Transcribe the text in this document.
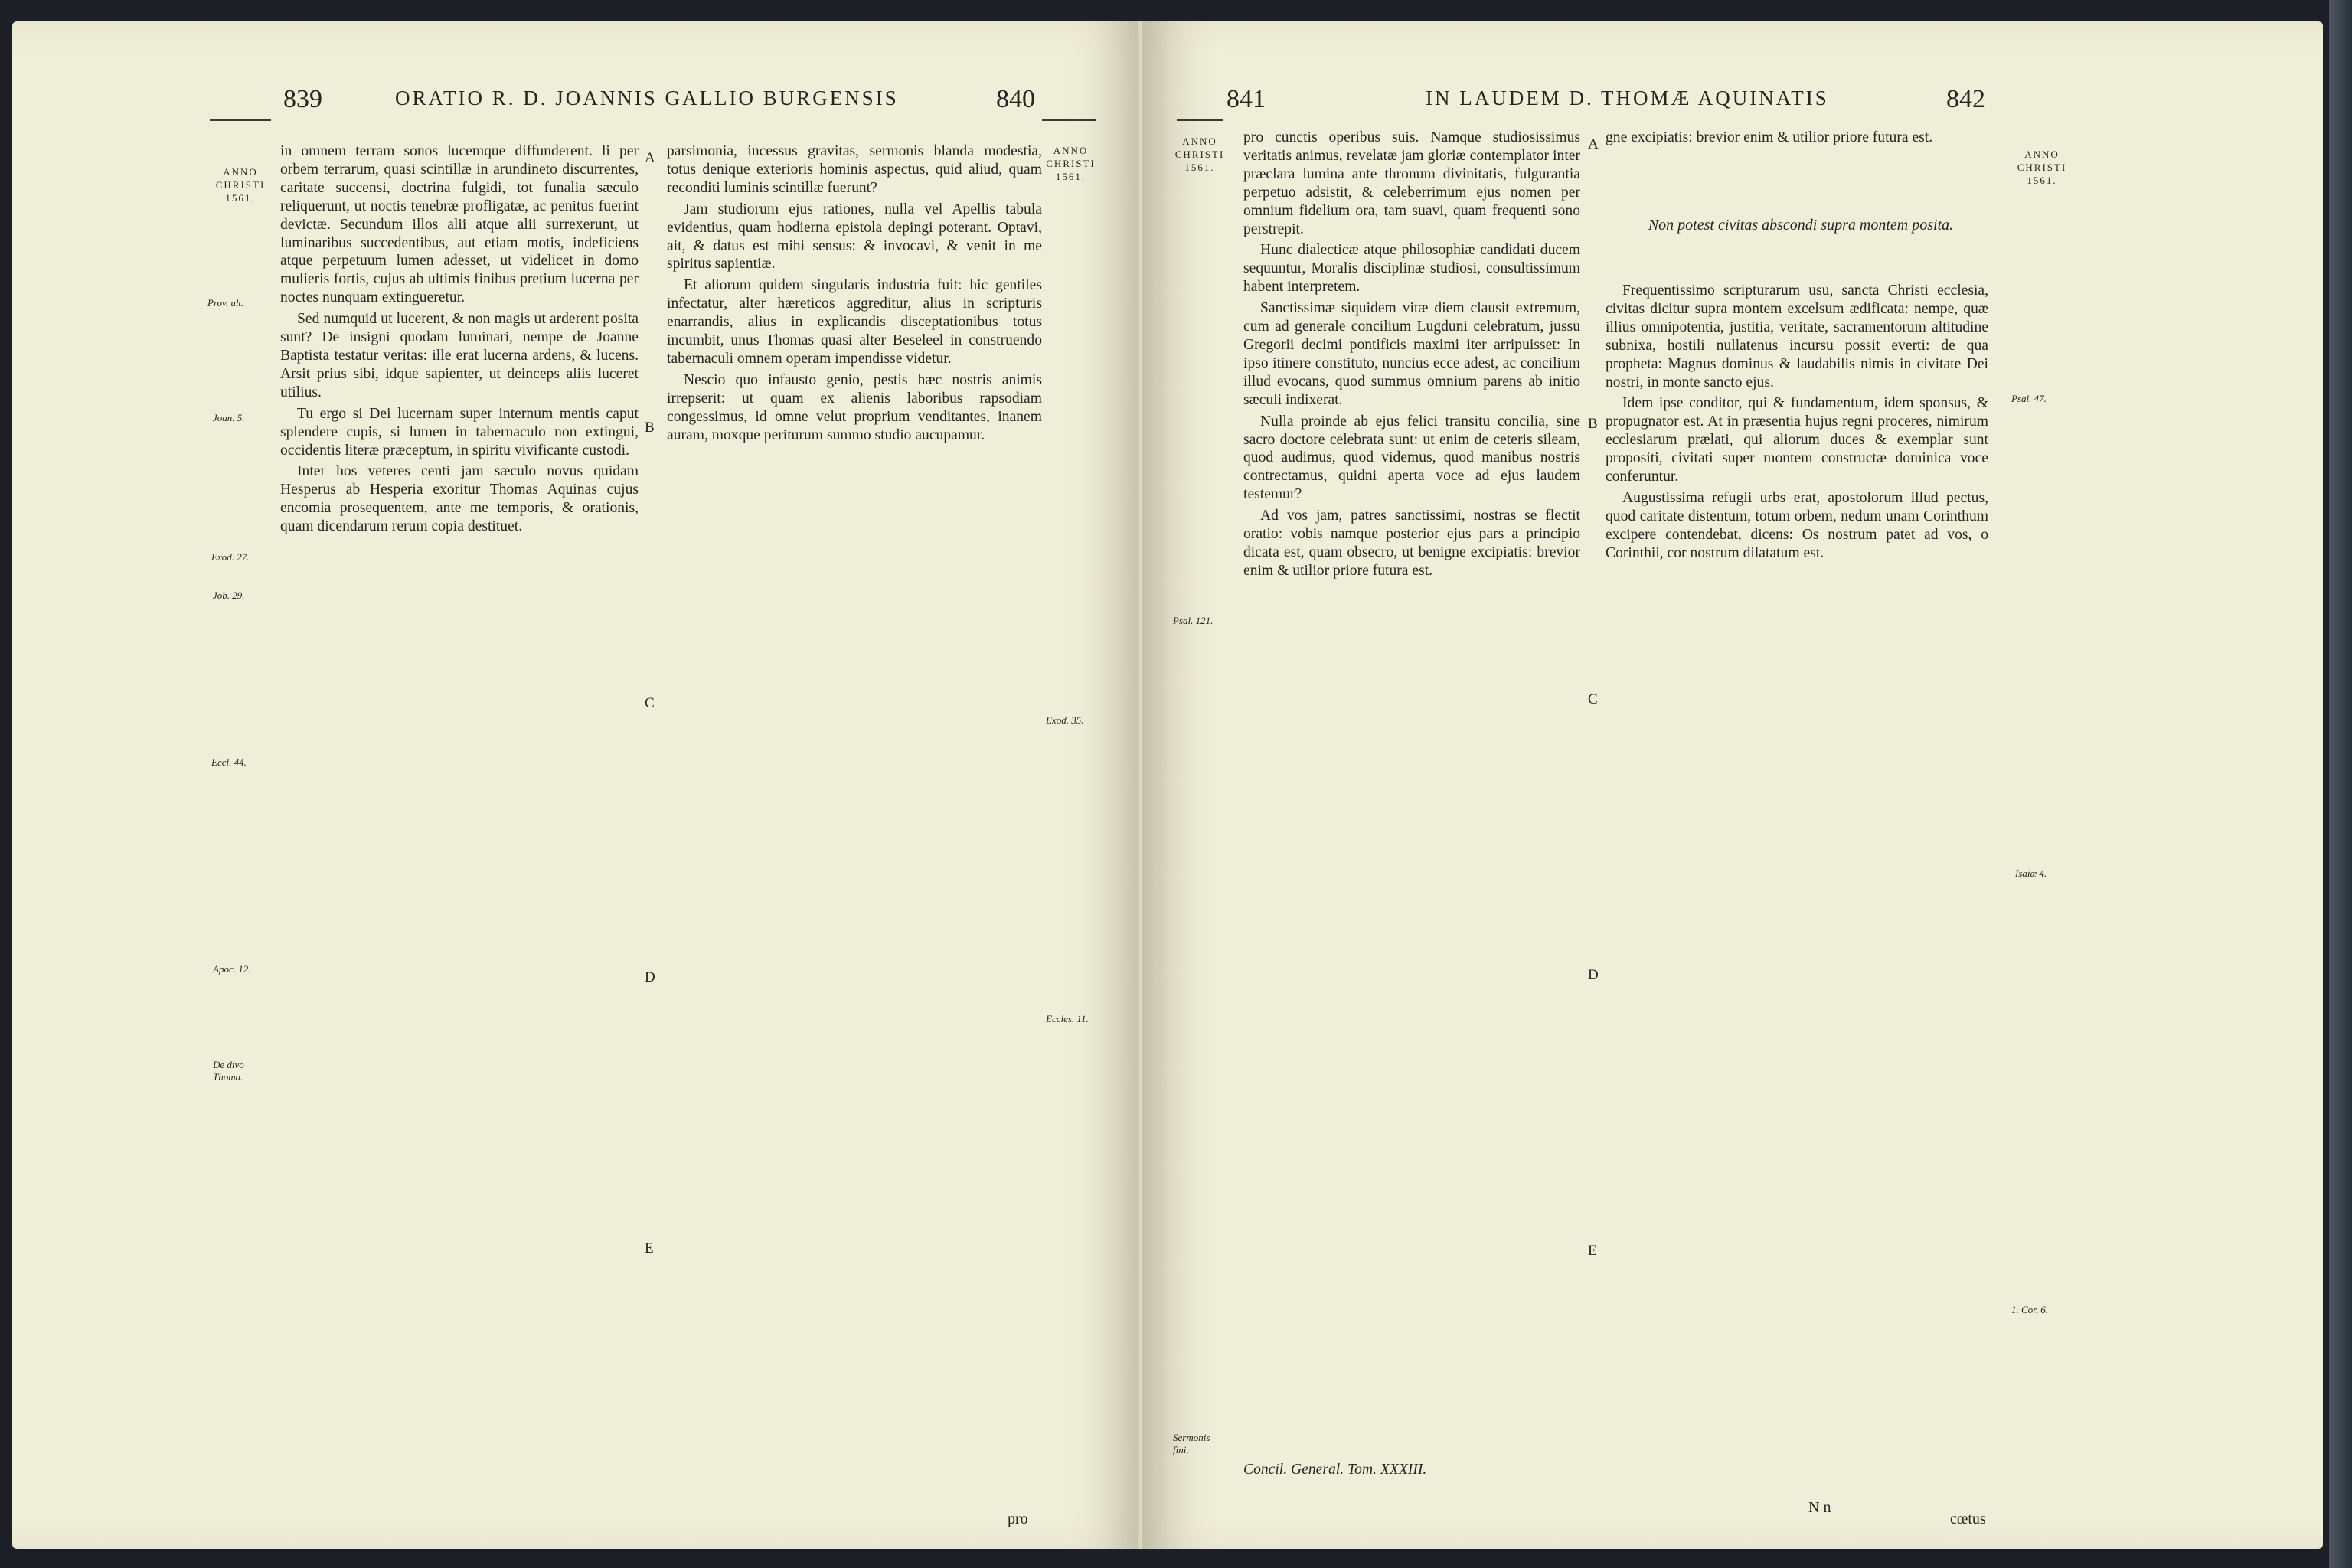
839	ORATIO R. D. JOANNIS GALLIO BURGENSIS	840
ANNO CHRISTI 1561.
ANNO CHRISTI 1561.
Prov. ult.
Joan. 5.
Exod. 27.
Job. 29.
Exod. 35.
Eccl. 44.
Apoc. 12.
Eccles. 11.
De divo Thoma.
A
B
C
D
E

in omnem terram sonos lucemque diffunderent. li per orbem terrarum, quasi scintillæ in arundineto discurrentes, caritate succensi, doctrina fulgidi, tot funalia sæculo reliquerunt, ut noctis tenebræ profligatæ, ac penitus fuerint devictæ. Secundum illos alii atque alii surrexerunt, ut luminaribus succedentibus, aut etiam motis, indeficiens atque perpetuum lumen adesset, ut videlicet in domo mulieris fortis, cujus ab ultimis finibus pretium lucerna per noctes nunquam extingueretur.

Sed numquid ut lucerent, & non magis ut arderent posita sunt? De insigni quodam luminari, nempe de Joanne Baptista testatur veritas: ille erat lucerna ardens, & lucens. Arsit prius sibi, idque sapienter, ut deinceps aliis luceret utilius.

Tu ergo si Dei lucernam super internum mentis caput splendere cupis, si lumen in tabernaculo non extingui, occidentis literæ præceptum, in spiritu vivificante custodi.

Inter hos veteres centi jam sæculo novus quidam Hesperus ab Hesperia exoritur Thomas Aquinas cujus encomia prosequentem, ante me temporis, & orationis, quam dicendarum rerum copia destituet.

parsimonia, incessus gravitas, sermonis blanda modestia, totus denique exterioris hominis aspectus, quid aliud, quam reconditi luminis scintillæ fuerunt?

Jam studiorum ejus rationes, nulla vel Apellis tabula evidentius, quam hodierna epistola depingi poterant. Optavi, ait, & datus est mihi sensus: & invocavi, & venit in me spiritus sapientiæ.

Et aliorum quidem singularis industria fuit: hic gentiles infectatur, alter hæreticos aggreditur, alius in scripturis enarrandis, alius in explicandis disceptationibus totus incumbit, unus Thomas quasi alter Beseleel in construendo tabernaculi omnem operam impendisse videtur.

Nescio quo infausto genio, pestis hæc nostris animis irrepserit: ut quam ex alienis laboribus rapsodiam congessimus, id omne velut proprium venditantes, inanem auram, moxque periturum summo studio aucupamur.

pro
841	IN LAUDEM D. THOMÆ AQUINATIS	842
ANNO CHRISTI 1561.
ANNO CHRISTI 1561.
Psal. 121.
Psal. 47.
Isaiæ 4.
1. Cor. 6.
Sermonis fini.
A
B
C
D
E

pro cunctis operibus suis. Namque studiosissimus veritatis animus, revelatæ jam gloriæ contemplator inter præclara lumina ante thronum divinitatis, fulgurantia perpetuo adsistit, & celeberrimum ejus nomen per omnium fidelium ora, tam suavi, quam frequenti sono perstrepit.

Hunc dialecticæ atque philosophiæ candidati ducem sequuntur, Moralis disciplinæ studiosi, consultissimum habent interpretem.

Sanctissimæ siquidem vitæ diem clausit extremum, cum ad generale concilium Lugduni celebratum, jussu Gregorii decimi pontificis maximi iter arripuisset: In ipso itinere constituto, nuncius ecce adest, ac concilium illud evocans, quod summus omnium parens ab initio sæculi indixerat.

Nulla proinde ab ejus felici transitu concilia, sine sacro doctore celebrata sunt: ut enim de ceteris sileam, quod audimus, quod videmus, quod manibus nostris contrectamus, quidni aperta voce ad ejus laudem testemur?

Ad vos jam, patres sanctissimi, nostras se flectit oratio: vobis namque posterior ejus pars a principio dicata est, quam obsecro, ut benigne excipiatis: brevior enim & utilior priore futura est.

Concil. General. Tom. XXXIII.

gne excipiatis: brevior enim & utilior priore futura est.

Non potest civitas abscondi supra montem posita.

Frequentissimo scripturarum usu, sancta Christi ecclesia, civitas dicitur supra montem excelsum ædificata: nempe, quæ illius omnipotentia, justitia, veritate, sacramentorum altitudine subnixa, hostili nullatenus incursu possit everti: de qua propheta: Magnus dominus & laudabilis nimis in civitate Dei nostri, in monte sancto ejus.

Idem ipse conditor, qui & fundamentum, idem sponsus, & propugnator est. At in præsentia hujus regni proceres, nimirum ecclesiarum prælati, qui aliorum duces & exemplar sunt propositi, civitati super montem constructæ dominica voce conferuntur.

Augustissima refugii urbs erat, apostolorum illud pectus, quod caritate distentum, totum orbem, nedum unam Corinthum excipere contendebat, dicens: Os nostrum patet ad vos, o Corinthii, cor nostrum dilatatum est.

N n
cœtus
